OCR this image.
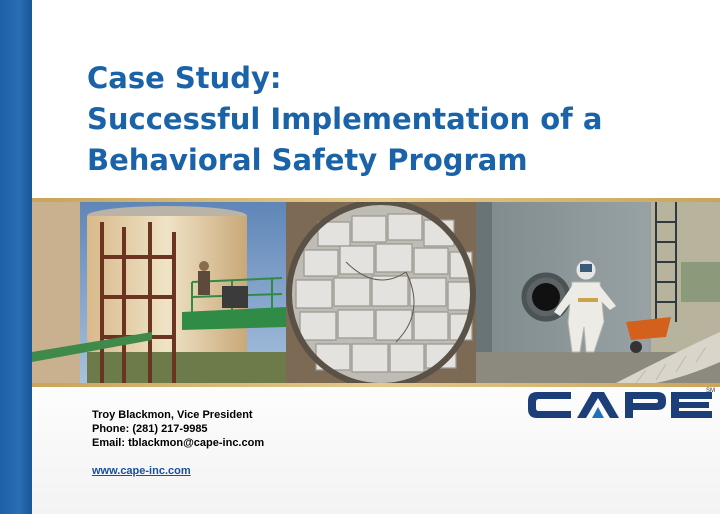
Case Study:
Successful Implementation of a
Behavioral Safety Program
Troy Blackmon, Vice President
Phone: (281) 217-9985
Email: tblackmon@cape-inc.com
www.cape-inc.com
SM
